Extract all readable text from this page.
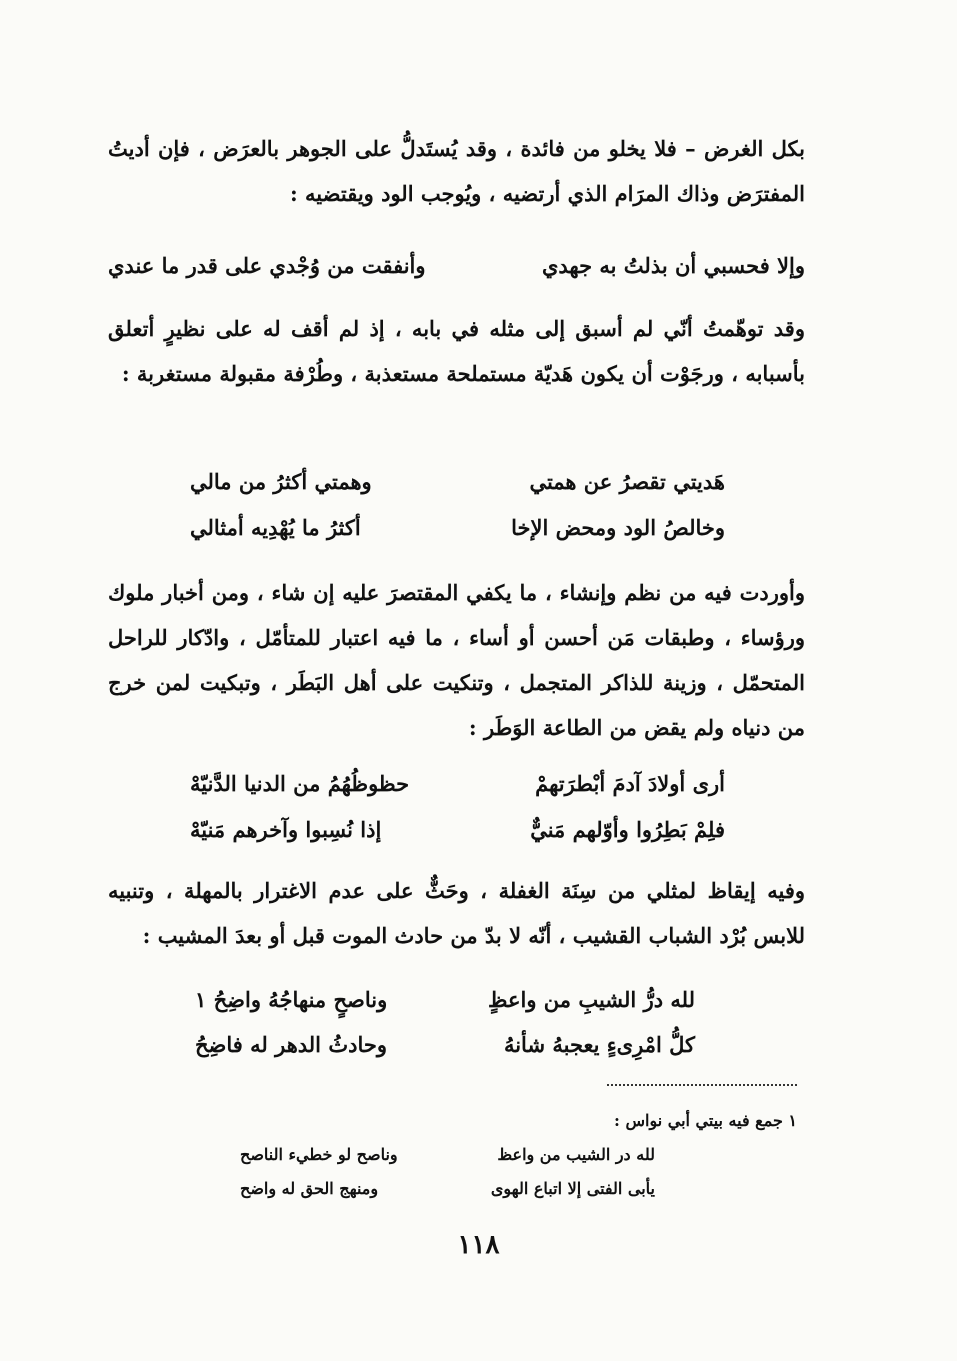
بكل الغرض – فلا يخلو من فائدة ، وقد يُستَدلُّ على الجوهر بالعرَض ، فإن أديتُ المفترَض وذاك المرَام الذي أرتضيه ، ويُوجب الود ويقتضيه :

وإلا فحسبي أن بذلتُ به جهدي
وأنفقت من وُجْدي على قدر ما عندي

وقد توهّمتُ أنّي لم أسبق إلى مثله في بابه ، إذ لم أقف له على نظيرٍ أتعلق بأسبابه ، ورجَوْت أن يكون هَديّة مستملحة مستعذبة ، وطُرْفة مقبولة مستغربة :

هَديتي تقصرُ عن همتي
وهمتي أكثرُ من مالي
وخالصُ الود ومحض الإخا
أكثرُ ما يُهْدِيه أمثالي

وأوردت فيه من نظم وإنشاء ، ما يكفي المقتصرَ عليه إن شاء ، ومن أخبار ملوك ورؤساء ، وطبقات مَن أحسن أو أساء ، ما فيه اعتبار للمتأمّل ، وادّكار للراحل المتحمّل ، وزينة للذاكر المتجمل ، وتنكيت على أهل البَطَر ، وتبكيت لمن خرج من دنياه ولم يقض من الطاعة الوَطَر :

أرى أولادَ آدمَ أبْطرَتهمْ
حظوظُهُمُ من الدنيا الدَّنيّهْ
فلِمْ بَطِرُوا وأوّلهم مَنيٌّ
إذا نُسِبوا وآخرهم مَنيّهْ

وفيه إيقاظ لمثلي من سِنَة الغفلة ، وحَثٌّ على عدم الاغترار بالمهلة ، وتنبيه للابس بُرْد الشباب القشيب ، أنّه لا بدّ من حادث الموت قبل أو بعدَ المشيب :

لله درُّ الشيبِ من واعظٍ
وناصحٍ منهاجُهُ واضِحُ ١
كلُّ امْرِىءٍ يعجبهُ شأنهُ
وحادثُ الدهر له فاضِحُ
١ جمع فيه بيتي أبي نواس :
لله در الشيب من واعظ
وناصح لو خطيء الناصح
يأبى الفتى إلا اتباع الهوى
ومنهج الحق له واضح
١١٨
